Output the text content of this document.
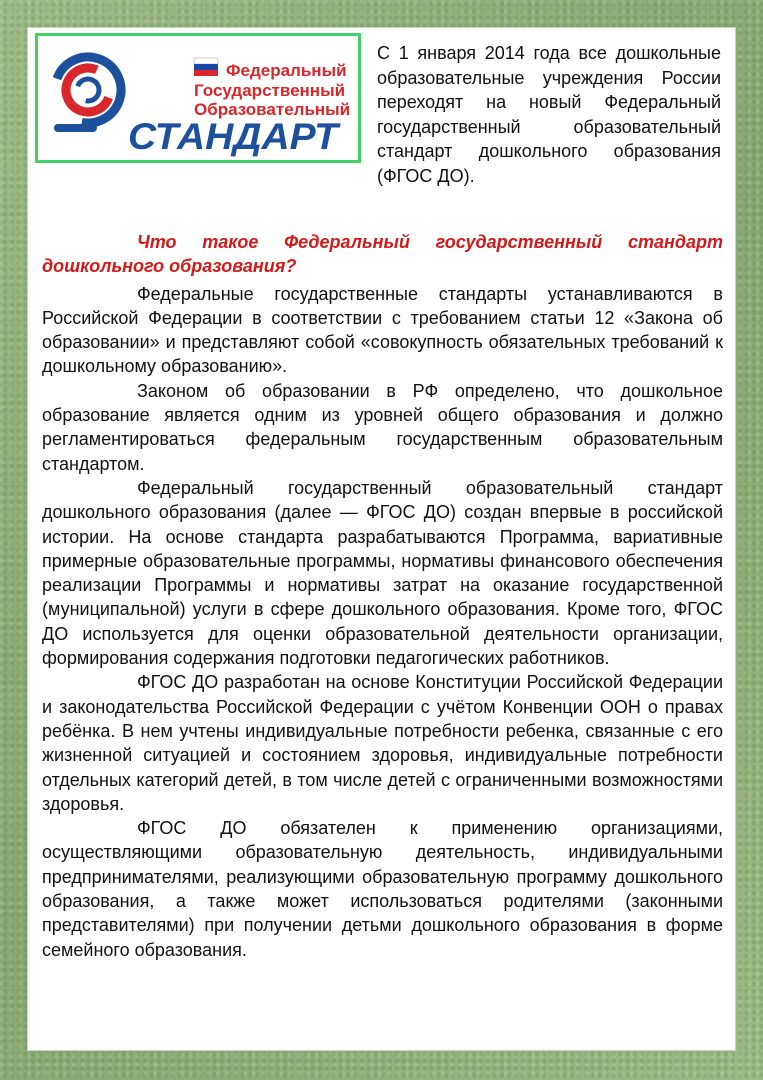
Федеральный
Государственный
Образовательный
СТАНДАРТ
С 1 января 2014 года все дошкольные образовательные учреждения России переходят на новый Федеральный государственный образовательный стандарт дошкольного образования (ФГОС ДО).

Что такое Федеральный государственный стандарт дошкольного образования?

Федеральные государственные стандарты устанавливаются в Российской Федерации в соответствии с требованием статьи 12 «Закона об образовании» и представляют собой «совокупность обязательных требований к дошкольному образованию».

Законом об образовании в РФ определено, что дошкольное образование является одним из уровней общего образования и должно регламентироваться федеральным государственным образовательным стандартом.

Федеральный государственный образовательный стандарт дошкольного образования (далее — ФГОС ДО) создан впервые в российской истории. На основе стандарта разрабатываются Программа, вариативные примерные образовательные программы, нормативы финансового обеспечения реализации Программы и нормативы затрат на оказание государственной (муниципальной) услуги в сфере дошкольного образования. Кроме того, ФГОС ДО используется для оценки образовательной деятельности организации, формирования содержания подготовки педагогических работников.

ФГОС ДО разработан на основе Конституции Российской Федерации и законодательства Российской Федерации с учётом Конвенции ООН о правах ребёнка. В нем учтены индивидуальные потребности ребенка, связанные с его жизненной ситуацией и состоянием здоровья, индивидуальные потребности отдельных категорий детей, в том числе детей с ограниченными возможностями здоровья.

ФГОС ДО обязателен к применению организациями, осуществляющими образовательную деятельность, индивидуальными предпринимателями, реализующими образовательную программу дошкольного образования, а также может использоваться родителями (законными представителями) при получении детьми дошкольного образования в форме семейного образования.
